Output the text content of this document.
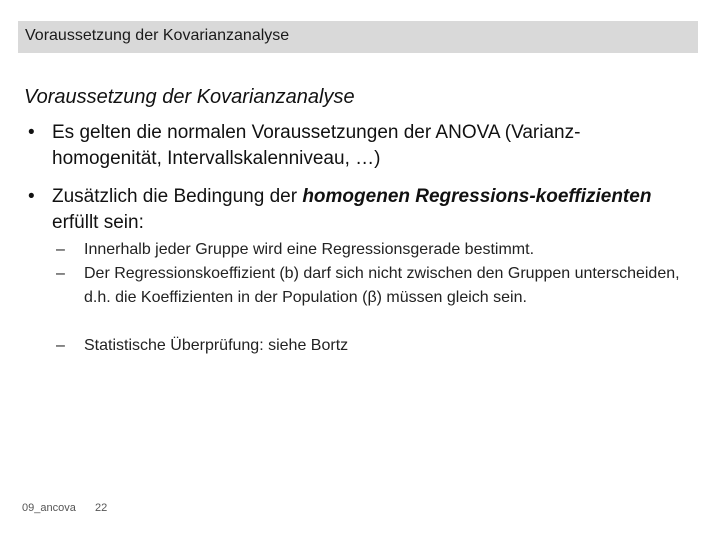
Voraussetzung der Kovarianzanalyse
Voraussetzung der Kovarianzanalyse
• Es gelten die normalen Voraussetzungen der ANOVA (Varianz-homogenität, Intervallskalenniveau, …)
• Zusätzlich die Bedingung der homogenen Regressions-koeffizienten erfüllt sein:
– Innerhalb jeder Gruppe wird eine Regressionsgerade bestimmt.
– Der Regressionskoeffizient (b) darf sich nicht zwischen den Gruppen unterscheiden, d.h. die Koeffizienten in der Population (β) müssen gleich sein.
– Statistische Überprüfung: siehe Bortz
09_ancova 22
